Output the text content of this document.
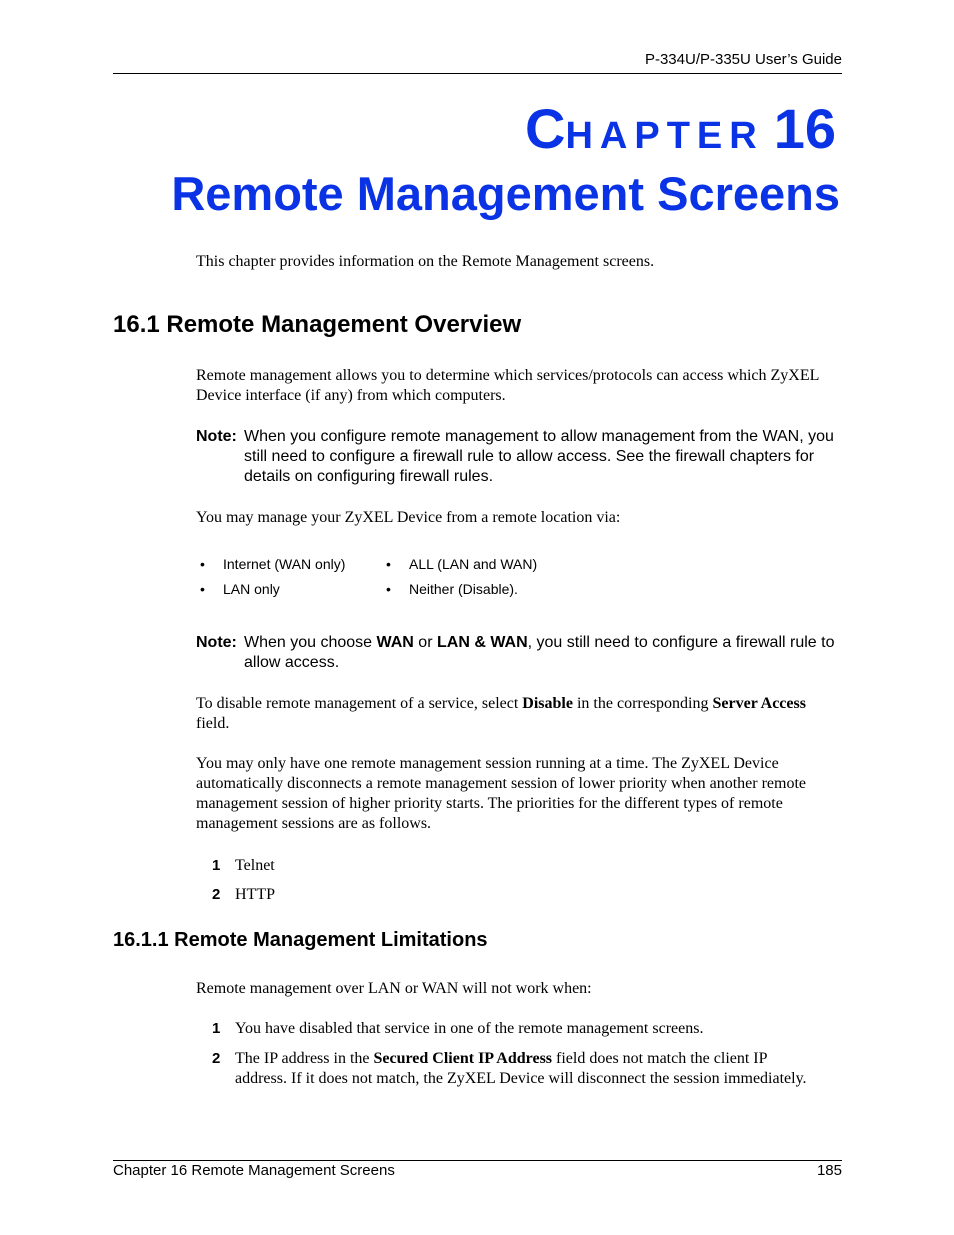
P-334U/P-335U User’s Guide
CHAPTER 16
Remote Management Screens
This chapter provides information on the Remote Management screens.
16.1 Remote Management Overview
Remote management allows you to determine which services/protocols can access which ZyXEL Device interface (if any) from which computers.
Note: When you configure remote management to allow management from the WAN, you still need to configure a firewall rule to allow access. See the firewall chapters for details on configuring firewall rules.
You may manage your ZyXEL Device from a remote location via:
• Internet (WAN only)	• ALL (LAN and WAN)
• LAN only	• Neither (Disable).
Note: When you choose WAN or LAN & WAN, you still need to configure a firewall rule to allow access.
To disable remote management of a service, select Disable in the corresponding Server Access field.
You may only have one remote management session running at a time. The ZyXEL Device automatically disconnects a remote management session of lower priority when another remote management session of higher priority starts. The priorities for the different types of remote management sessions are as follows.
1 Telnet
2 HTTP
16.1.1 Remote Management Limitations
Remote management over LAN or WAN will not work when:
1 You have disabled that service in one of the remote management screens.
2 The IP address in the Secured Client IP Address field does not match the client IP address. If it does not match, the ZyXEL Device will disconnect the session immediately.
Chapter 16 Remote Management Screens	185
